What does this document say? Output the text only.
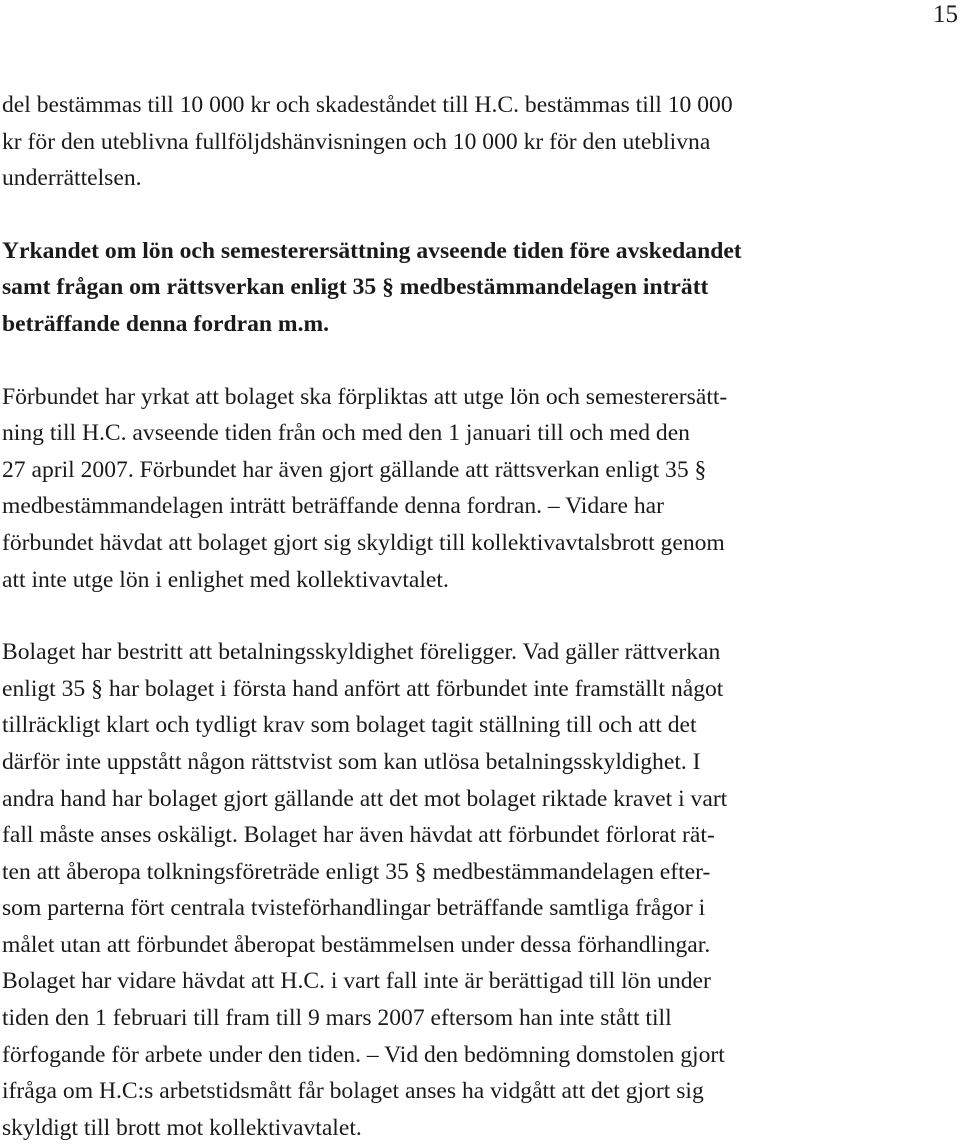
15

del bestämmas till 10 000 kr och skadeståndet till H.C. bestämmas till 10 000
kr för den uteblivna fullföljdshänvisningen och 10 000 kr för den uteblivna
underrättelsen.

Yrkandet om lön och semesterersättning avseende tiden före avskedandet
samt frågan om rättsverkan enligt 35 § medbestämmandelagen inträtt
beträffande denna fordran m.m.

Förbundet har yrkat att bolaget ska förpliktas att utge lön och semesterersätt-
ning till H.C. avseende tiden från och med den 1 januari till och med den
27 april 2007. Förbundet har även gjort gällande att rättsverkan enligt 35 §
medbestämmandelagen inträtt beträffande denna fordran. – Vidare har
förbundet hävdat att bolaget gjort sig skyldigt till kollektivavtalsbrott genom
att inte utge lön i enlighet med kollektivavtalet.

Bolaget har bestritt att betalningsskyldighet föreligger. Vad gäller rättverkan
enligt 35 § har bolaget i första hand anfört att förbundet inte framställt något
tillräckligt klart och tydligt krav som bolaget tagit ställning till och att det
därför inte uppstått någon rättstvist som kan utlösa betalningsskyldighet. I
andra hand har bolaget gjort gällande att det mot bolaget riktade kravet i vart
fall måste anses oskäligt. Bolaget har även hävdat att förbundet förlorat rät-
ten att åberopa tolkningsföreträde enligt 35 § medbestämmandelagen efter-
som parterna fört centrala tvisteförhandlingar beträffande samtliga frågor i
målet utan att förbundet åberopat bestämmelsen under dessa förhandlingar.
Bolaget har vidare hävdat att H.C. i vart fall inte är berättigad till lön under
tiden den 1 februari till fram till 9 mars 2007 eftersom han inte stått till
förfogande för arbete under den tiden. – Vid den bedömning domstolen gjort
ifråga om H.C:s arbetstidsmått får bolaget anses ha vidgått att det gjort sig
skyldigt till brott mot kollektivavtalet.
